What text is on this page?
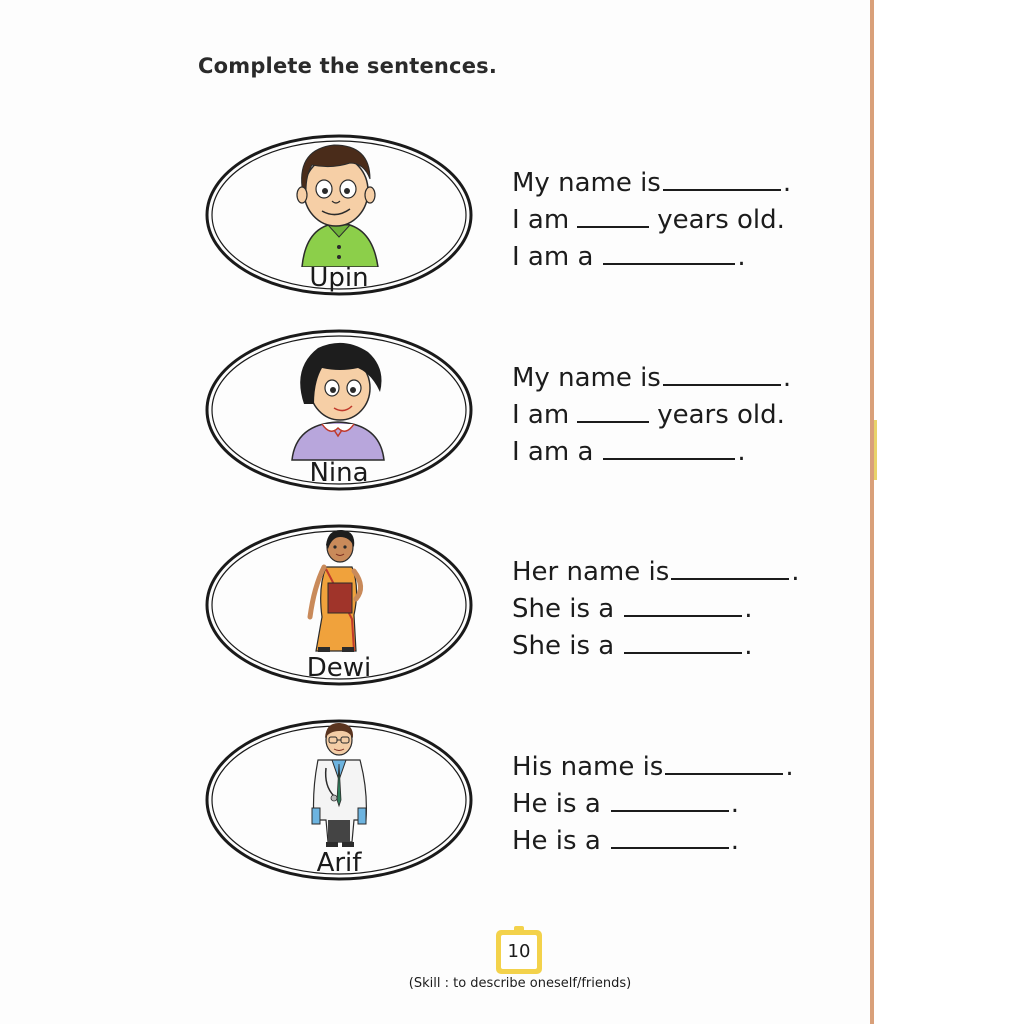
Complete the sentences.
Upin
My name is	.
I am	years old.
I am a	.
Nina
My name is	.
I am	years old.
I am a	.
Dewi
Her name is	.
She is a	.
She is a	.
Arif
His name is	.
He is a	.
He is a	.
10
(Skill : to describe oneself/friends)
